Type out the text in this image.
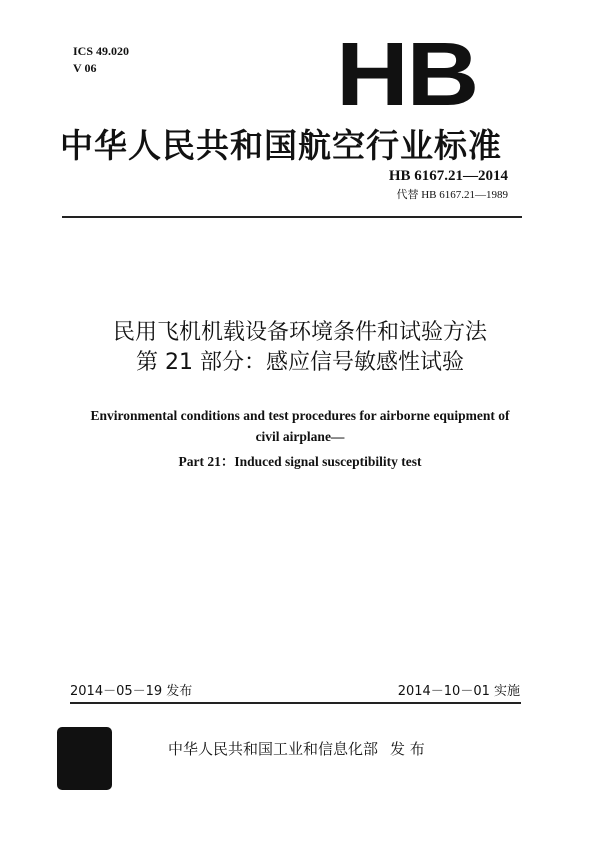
ICS 49.020
V 06	HB
中华人民共和国航空行业标准
HB 6167.21—2014
代替 HB 6167.21—1989
民用飞机机载设备环境条件和试验方法
第 21 部分：感应信号敏感性试验
Environmental conditions and test procedures for airborne equipment of
civil airplane—
Part 21：Induced signal susceptibility test
2014－05－19 发布	2014－10－01 实施
中华人民共和国工业和信息化部 发 布
